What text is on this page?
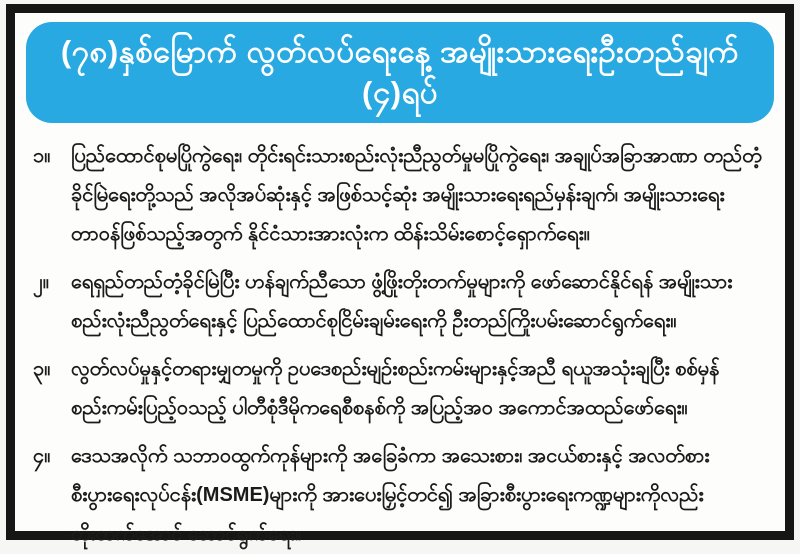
(၇၈)နှစ်မြောက် လွတ်လပ်ရေးနေ့ အမျိုးသားရေးဦးတည်ချက် (၄)ရပ်
၁။	ပြည်ထောင်စုမပြိုကွဲရေး၊ တိုင်းရင်းသားစည်းလုံးညီညွတ်မှုမပြိုကွဲရေး၊ အချုပ်အခြာအာဏာ တည်တံ့ခိုင်မြဲရေးတို့သည် အလိုအပ်ဆုံးနှင့် အဖြစ်သင့်ဆုံး အမျိုးသားရေးရည်မှန်းချက်၊ အမျိုးသားရေးတာဝန်ဖြစ်သည့်အတွက် နိုင်ငံသားအားလုံးက ထိန်းသိမ်းစောင့်ရှောက်ရေး။
၂။	ရေရှည်တည်တံ့ခိုင်မြဲပြီး ဟန်ချက်ညီသော ဖွံ့ဖြိုးတိုးတက်မှုများကို ဖော်ဆောင်နိုင်ရန် အမျိုးသားစည်းလုံးညီညွတ်ရေးနှင့် ပြည်ထောင်စုငြိမ်းချမ်းရေးကို ဦးတည်ကြိုးပမ်းဆောင်ရွက်ရေး။
၃။	လွတ်လပ်မှုနှင့်တရားမျှတမှုကို ဥပဒေစည်းမျဉ်းစည်းကမ်းများနှင့်အညီ ရယူအသုံးချပြီး စစ်မှန်စည်းကမ်းပြည့်ဝသည့် ပါတီစုံဒီမိုကရေစီစနစ်ကို အပြည့်အဝ အကောင်အထည်ဖော်ရေး။
၄။	ဒေသအလိုက် သဘာဝထွက်ကုန်များကို အခြေခံကာ အသေးစား၊ အငယ်စားနှင့် အလတ်စား စီးပွားရေးလုပ်ငန်း(MSME)များကို အားပေးမြှင့်တင်၍ အခြားစီးပွားရေးကဏ္ဍများကိုလည်း တိုးတက်အောင် ဆောင်ရွက်ရေး။
